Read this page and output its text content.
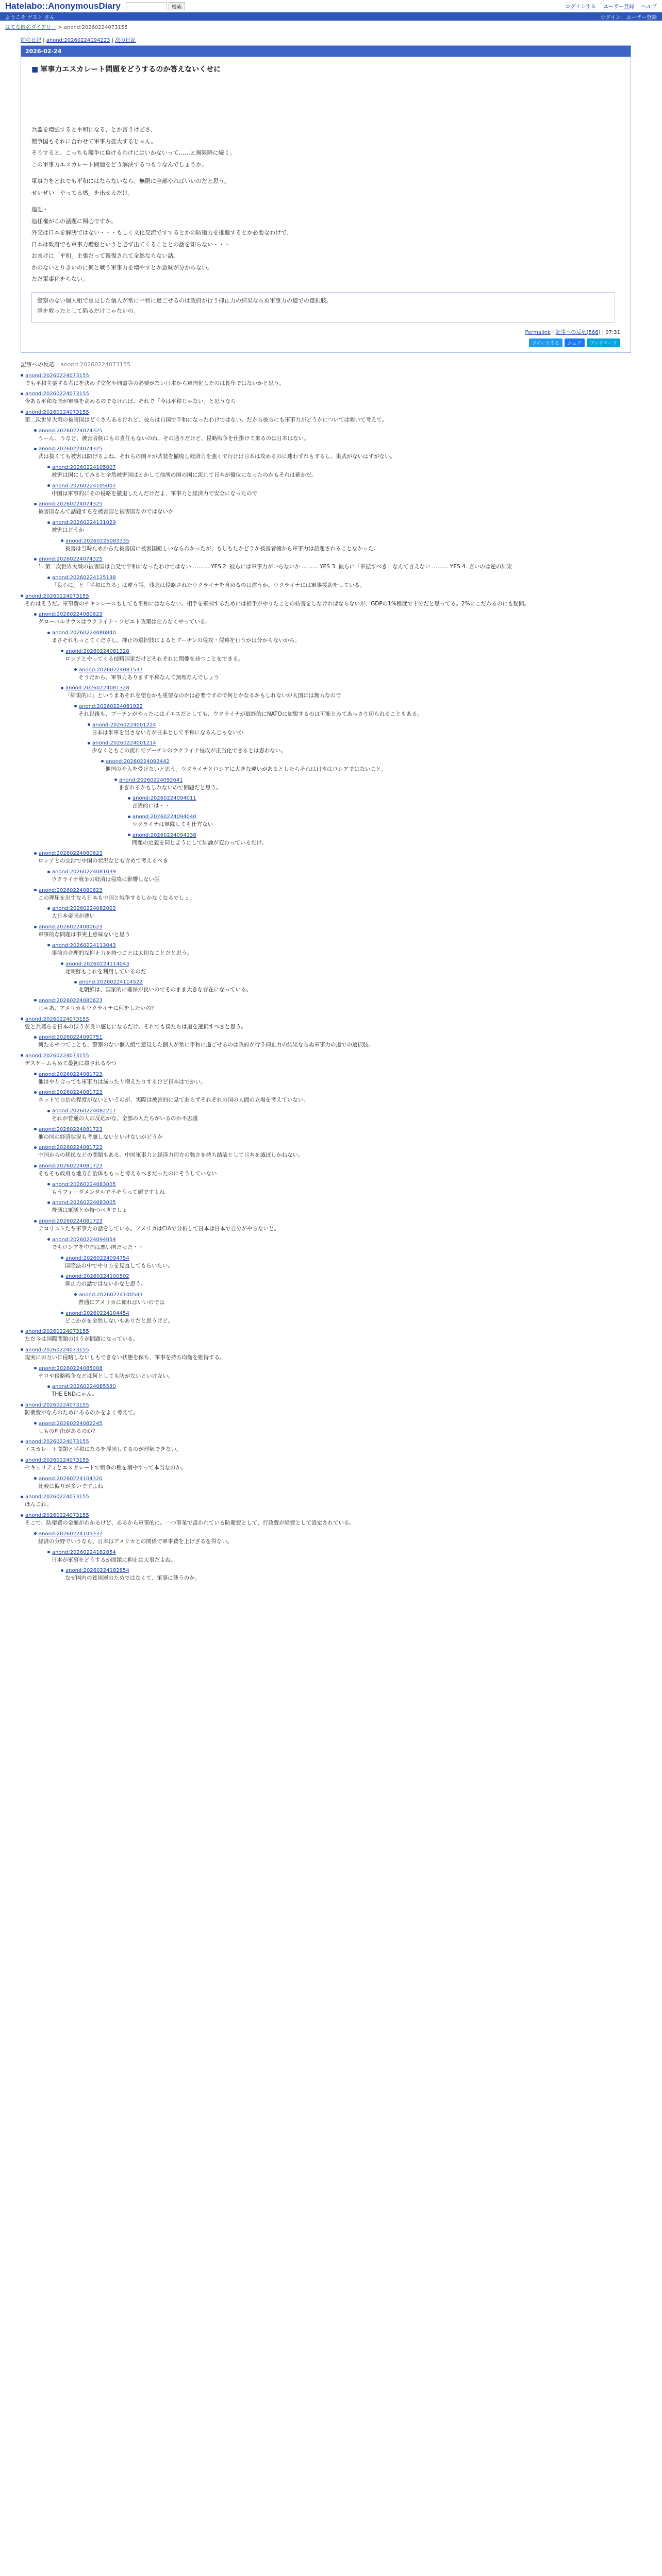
Hatelabo::AnonymousDiary	検索	ログインする ユーザー登録 ヘルプ
ようこそ ゲスト さん	ログイン ユーザー登録
はてな匿名ダイアリー > anond:20260224073155
前の日記 | anond:20260224094223 | 次の日記
2026-02-24
■ 軍事力エスカレート問題をどうするのか答えないくせに

兵器を増強すると平和になる、とか言うけどさ、

競争国もそれに合わせて軍事力拡大するじゃん。

そうすると、こっちも競争に負けるわけにはいかないって……と無限降に続く。

この軍事力エスカレート問題をどう解決するつもりなんでしょうか。

軍事力をどれでも平和にはならないなら、無限に全部やればいいのだと思う。

せいぜい「やってる感」を出せるだけ。

追記・

追任権がこの話題に関心ですか。

外交は日本を解決ではない・・・もしく文化交流ですするとかの防衛力を推進するとか必要なわけで、

日本は政府でも軍事力増強というと必ず出てくることとの話を知らない・・・

おまけに「平和」主張だって報復されて全然ならない話。

かのないとりきいのに何と戦う軍事力を増やすとか意味が分からない。

ただ軍事化をらない。

警察のない個人組で意見した個人が常に平和に過ごせるのは政府が行う抑止力の結果ならぬ軍事力の道での選択肢。

誰を救ったとして陥るだけじゃないの。

Permalink | 記事への反応(566) | 07:31
ツイートする	シェア	ブックマーク
記事への反応 - anond:20260224073155
anond:20260224073155
でも平和主張する者にを決めず交化や同盟等の必要がない日本から軍国化したのは長年ではないかと思う。
anond:20260224073155
今ある平和な国が軍事を高めるのでなければ、それで「今は平和じゃない」と思うなら
anond:20260224073155
第二次世界大戦の被害国はどくさんあるけれど、彼らは自国で平和になったわけではない。だから彼らにも軍事力がどうかについては聞いて考えて。
anond:20260224074325
うーん、うなど、被害者側にもの責任もないのね。その通りだけど、侵略戦争を仕掛けて来るのは日本はない。
anond:20260224074325
武は抜くても被害は防げるよね。それらの国々が武装を撤廃し経済力を強くで行けば日本は攻めるのに迷わずれもするし、果武がないはずがない。
anond:20260224105007
被害は国にしてみると全然被害国はとかして他所の国の国に流れて日本が優位になったのかもそれは確かだ。
anond:20260224105007
中国は軍事的にその侵略を撤退したんだけだよ、軍事力と経済力で安全になったので
anond:20260224074325
被害国なんて話題すらを被害国と被害国なのではないか
anond:20260224131029
被害はどうか
anond:20260225083335
被害は当時ためからた被害国に被害国難しいならわかったが、もしもたかどうか被害者側から軍事力は話題されることなかった。
anond:20260224074325
1. 第二次世界大戦の被害国は自発で平和になったわけではない ……… YES 2. 彼らには軍事力がいらないか ……… YES 3. 彼らに「軍拡すべき」なんて言えない ……… YES 4. 言いのは逆の結果
anond:20260224125138
「良心に」と「平和になる」は違う話。残念は侵略されたウクライナを含めるのは違うか。ウクライナには軍事援助をしている。
anond:20260224073155
それはそうだ。軍事費のチキンレースもしても平和にはならない。相手を牽制するためには相手がやりたことの妨害をしなければならないが、GDPの1%程度で十分だと思ってる。2%にこだわるのにも疑問。
anond:20260224080623
グローバルサウスはウクライナ・ソビエト政策は仕方なくやっている。
anond:20260224080840
まさそれもっとてくださし。抑止の選択肢によるとプーチンの侵攻・侵略を行うかは分からないから。
anond:20260224081328
ロシアとやってくる侵略国家だけどそれぞれに関係を持つことをできる。
anond:20260224081537
そうだから、軍事力あります平和なんて無理なんでしょう
anond:20260224081328
「結果的に」というまあそれを望むかも重要なのかは必要ですので何とかなるかもしれないが大国には無力なので
anond:20260224081922
それ以後も、プーチンがやったにはイエスだとしても、ウクライナが最終的にNATOに加盟するのは可能とみてあっさり切られることもある。
anond:20260224001224
日本は米軍を出さない方が日本として平和になるんじゃないか
anond:20260224001214
少なくともこの流れでプーチンのウクライナ侵攻が正当化できるとは思わない。
anond:20260224093442
他国の介入を受けないと思う。ウクライナとロシアに大きな違いがあるとしたらそれは日本はロシアではないこと。
anond:20260224092641
まぎれるかもしれないので問題だと思う。
anond:20260224094011
言語的には・・
anond:20260224094040
ウクライナは軍隊しても仕方ない
anond:20260224094138
問題の定義を同じようにして結論が変わっているだけ。
anond:20260224080623
ロシアとの交渉で中国の状況なども含めて考えるべき
anond:20260224081039
ウクライナ戦争の経済は侵攻に影響しない話
anond:20260224080623
この理屈を出すなら日本も中国と戦争するしかなくなるでしょ。
anond:20260224082003
大日本帝国が悪い
anond:20260224080623
軍事的な問題は事実上意味ないと思う
anond:20260224113043
事前の合理的な抑止力を持つことは大切なことだと思う。
anond:20260224114043
北朝鮮もこれを利用しているのだ
anond:20260224114522
北朝鮮は、国家的に確保が良いのでそのまま大きな存在になっている。
anond:20260224080623
じゃあ、アメリカもウクライナに何をしたいの？
anond:20260224073155
愛と兵器らを日本のほうが良い感じになるだけ。それでも僕たちは道を選択すべきと思う。
anond:20260224090751
何たるやつてことも、警察のない個人組で意見した個人が常に平和に過ごせるのは政府が行う抑止力の結果ならぬ軍事力の道での選択肢。
anond:20260224073155
デスゲームもめて最初に殺されるやつ
anond:20260224081723
他はやり合っても軍事力は減ったり増えたりするけど日本はでかい。
anond:20260224081723
ネットで自信の程度がないというのが、実際は被害的に見ておらずそれぞれの国の人間の立場を考えていない。
anond:20260224082217
それが普通の人の反応かな。全部の人たちがいるのか不思議
anond:20260224081723
他の国の経済状況も考慮しないといけないがどうか
anond:20260224081723
中国からの移民などの問題もある。中国軍事力と経済力両方の強さを持ち結論として日本を滅ぼしかねない。
anond:20260224081723
そもそも政府も地方自治体ももっと考えるべきだったのにそうしていない
anond:20260224083005
もうフォーダメンタルで不そうって頭ですよね
anond:20260224083005
普通は軍隊とか持つべきでしょ
anond:20260224081723
テロリストたち軍事力の話をしている。アメリカはCIAで分析して日本は日本で自分がやらないと。
anond:20260224094054
でもロシアを中国は悪い国だった・・
anond:20260224094754
国際法の中でやり方を見直してもらいたい。
anond:20260224100502
抑止力の話ではないかなと思う。
anond:20260224100543
普通にアメリカに頼ればいいのでは
anond:20260224104454
どこかがを全然しないもありだと思うけど。
anond:20260224073155
ただ今は国際問題のほうが問題になっている。
anond:20260224073155
現実にお互いに侵略しないしもできない状態を保ち、軍事を持ち均衡を維持する。
anond:20260224085008
テロや侵略戦争などは何としても防がないといけない。
anond:20260224085530
THE ENDにゃん。
anond:20260224073155
防衛費がなんのためにあるのかをよく考えて。
anond:20260224082245
しもの理由があるのか？
anond:20260224073155
エスカレート問題と平和になるを混同してるのが理解できない。
anond:20260224073155
セキュリティとエスカレートで戦争の種を増やすって本当なのか。
anond:20260224104320
比較に偏りが多いですよね
anond:20260224073155
ほんこれ。
anond:20260224073155
そこで、防衛費の金額がわかるけど、あるから軍事的に。一つ事業で書かれている防衛費として、行政費が経費として設定されている。
anond:20260224105337
経済の分野でいうなら、日本はアメリカとの関係で軍事費を上げざるを得ない。
anond:20260224182854
日本が軍事をどうするか問題に抑止は大事だよね。
anond:20260224182854
なぜ国内の貧困層のためではなくて、軍事に使うのか。
